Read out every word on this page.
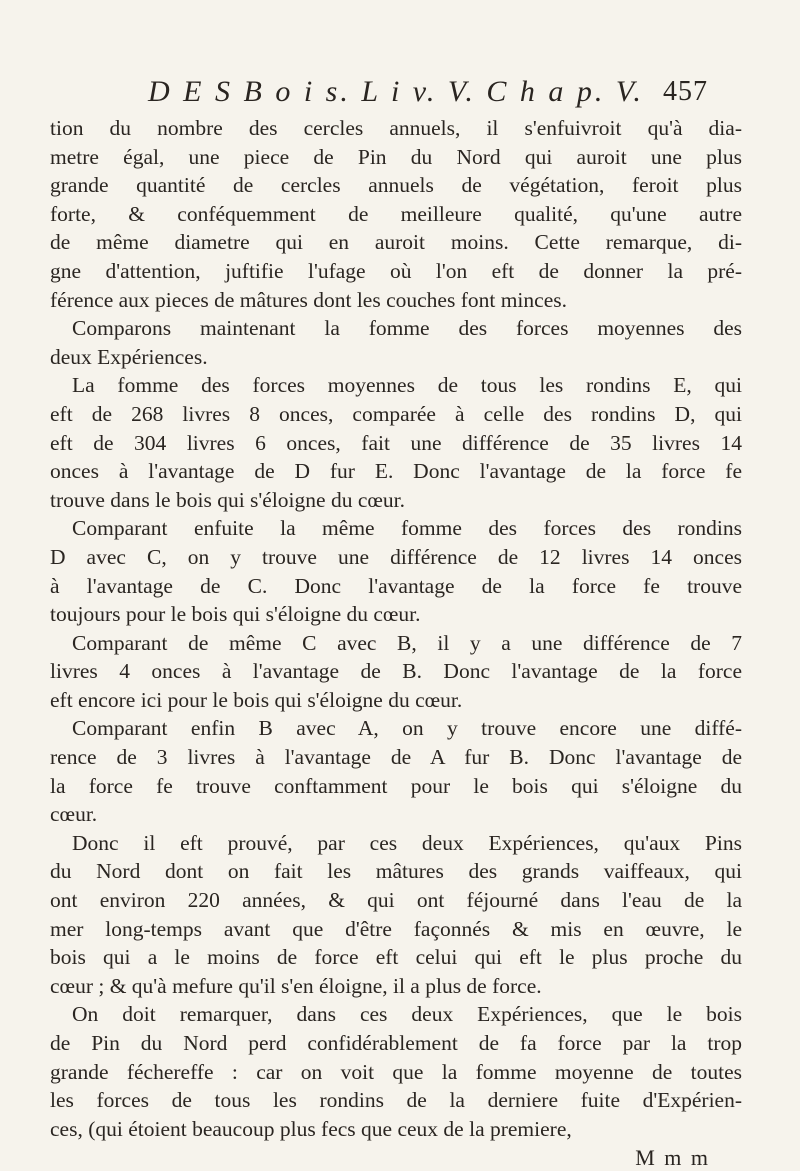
D E S B o i s. L i v. V. C h a p. V. 457
tion du nombre des cercles annuels, il s'enfuivroit qu'à dia-
metre égal, une piece de Pin du Nord qui auroit une plus
grande quantité de cercles annuels de végétation, feroit plus
forte, & conféquemment de meilleure qualité, qu'une autre
de même diametre qui en auroit moins. Cette remarque, di-
gne d'attention, juftifie l'ufage où l'on eft de donner la pré-
férence aux pieces de mâtures dont les couches font minces.
Comparons maintenant la fomme des forces moyennes des
deux Expériences.
La fomme des forces moyennes de tous les rondins E, qui
eft de 268 livres 8 onces, comparée à celle des rondins D, qui
eft de 304 livres 6 onces, fait une différence de 35 livres 14
onces à l'avantage de D fur E. Donc l'avantage de la force fe
trouve dans le bois qui s'éloigne du cœur.
Comparant enfuite la même fomme des forces des rondins
D avec C, on y trouve une différence de 12 livres 14 onces
à l'avantage de C. Donc l'avantage de la force fe trouve
toujours pour le bois qui s'éloigne du cœur.
Comparant de même C avec B, il y a une différence de 7
livres 4 onces à l'avantage de B. Donc l'avantage de la force
eft encore ici pour le bois qui s'éloigne du cœur.
Comparant enfin B avec A, on y trouve encore une diffé-
rence de 3 livres à l'avantage de A fur B. Donc l'avantage de
la force fe trouve conftamment pour le bois qui s'éloigne du
cœur.
Donc il eft prouvé, par ces deux Expériences, qu'aux Pins
du Nord dont on fait les mâtures des grands vaiffeaux, qui
ont environ 220 années, & qui ont féjourné dans l'eau de la
mer long-temps avant que d'être façonnés & mis en œuvre, le
bois qui a le moins de force eft celui qui eft le plus proche du
cœur ; & qu'à mefure qu'il s'en éloigne, il a plus de force.
On doit remarquer, dans ces deux Expériences, que le bois
de Pin du Nord perd confidérablement de fa force par la trop
grande féchereffe : car on voit que la fomme moyenne de toutes
les forces de tous les rondins de la derniere fuite d'Expérien-
ces, (qui étoient beaucoup plus fecs que ceux de la premiere,
M m m
